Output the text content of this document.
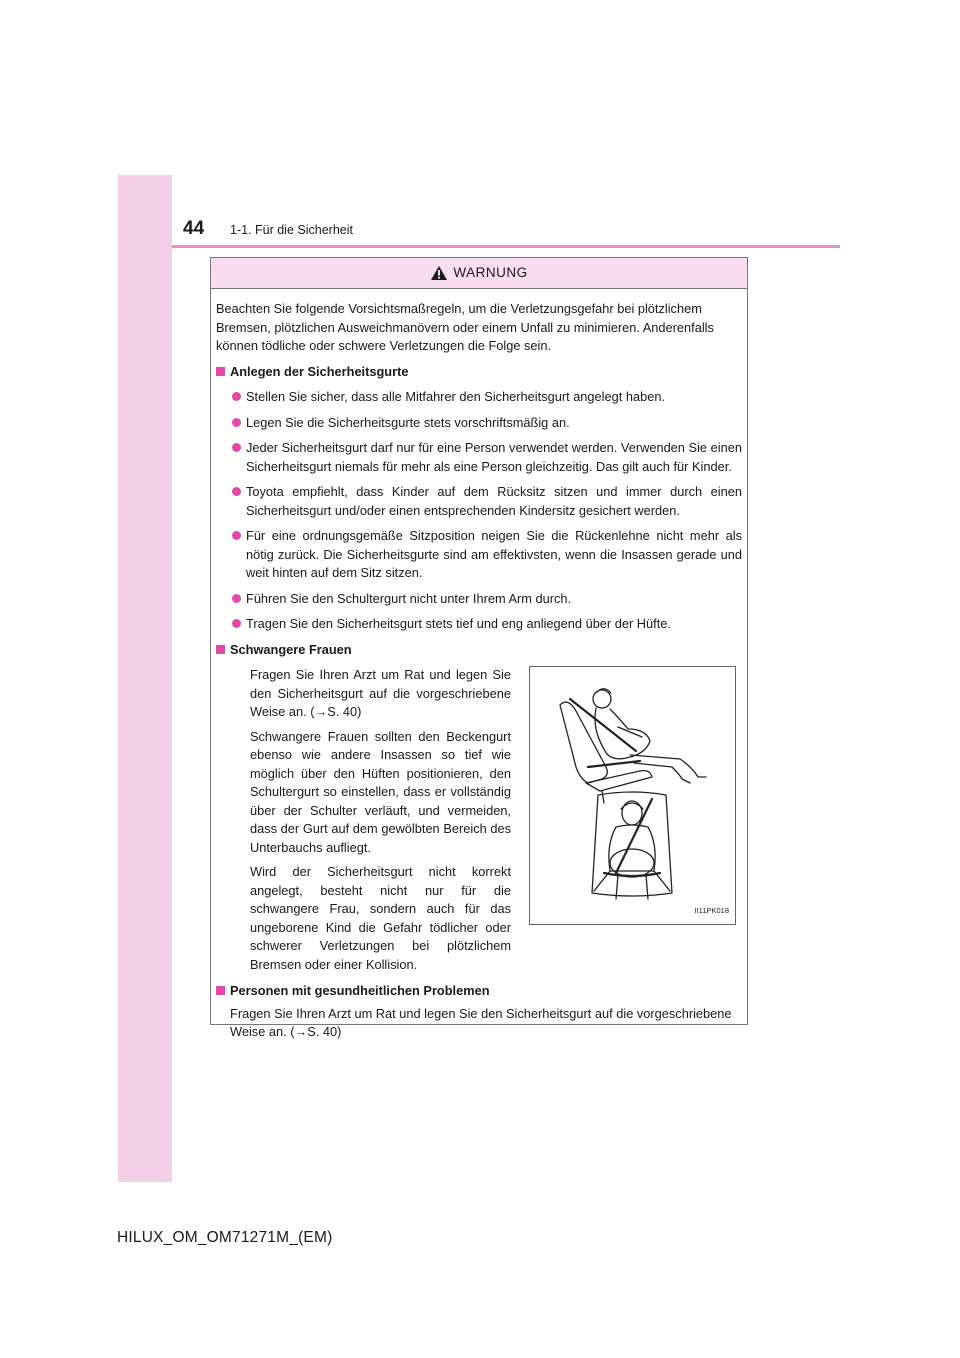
44 1-1. Für die Sicherheit
WARNUNG

Beachten Sie folgende Vorsichtsmaßregeln, um die Verletzungsgefahr bei plötzlichem Bremsen, plötzlichen Ausweichmanövern oder einem Unfall zu minimieren. Anderenfalls können tödliche oder schwere Verletzungen die Folge sein.

Anlegen der Sicherheitsgurte
Stellen Sie sicher, dass alle Mitfahrer den Sicherheitsgurt angelegt haben.
Legen Sie die Sicherheitsgurte stets vorschriftsmäßig an.
Jeder Sicherheitsgurt darf nur für eine Person verwendet werden. Verwenden Sie einen Sicherheitsgurt niemals für mehr als eine Person gleichzeitig. Das gilt auch für Kinder.
Toyota empfiehlt, dass Kinder auf dem Rücksitz sitzen und immer durch einen Sicherheitsgurt und/oder einen entsprechenden Kindersitz gesichert werden.
Für eine ordnungsgemäße Sitzposition neigen Sie die Rückenlehne nicht mehr als nötig zurück. Die Sicherheitsgurte sind am effektivsten, wenn die Insassen gerade und weit hinten auf dem Sitz sitzen.
Führen Sie den Schultergurt nicht unter Ihrem Arm durch.
Tragen Sie den Sicherheitsgurt stets tief und eng anliegend über der Hüfte.
Schwangere Frauen

Fragen Sie Ihren Arzt um Rat und legen Sie den Sicherheitsgurt auf die vorgeschriebene Weise an. (→S. 40)

Schwangere Frauen sollten den Beckengurt ebenso wie andere Insassen so tief wie möglich über den Hüften positionieren, den Schultergurt so einstellen, dass er vollständig über der Schulter verläuft, und vermeiden, dass der Gurt auf dem gewölbten Bereich des Unterbauchs aufliegt.

Wird der Sicherheitsgurt nicht korrekt angelegt, besteht nicht nur für die schwangere Frau, sondern auch für das ungeborene Kind die Gefahr tödlicher oder schwerer Verletzungen bei plötzlichem Bremsen oder einer Kollision.

II11PK018
Personen mit gesundheitlichen Problemen

Fragen Sie Ihren Arzt um Rat und legen Sie den Sicherheitsgurt auf die vorgeschriebene Weise an. (→S. 40)

HILUX_OM_OM71271M_(EM)
